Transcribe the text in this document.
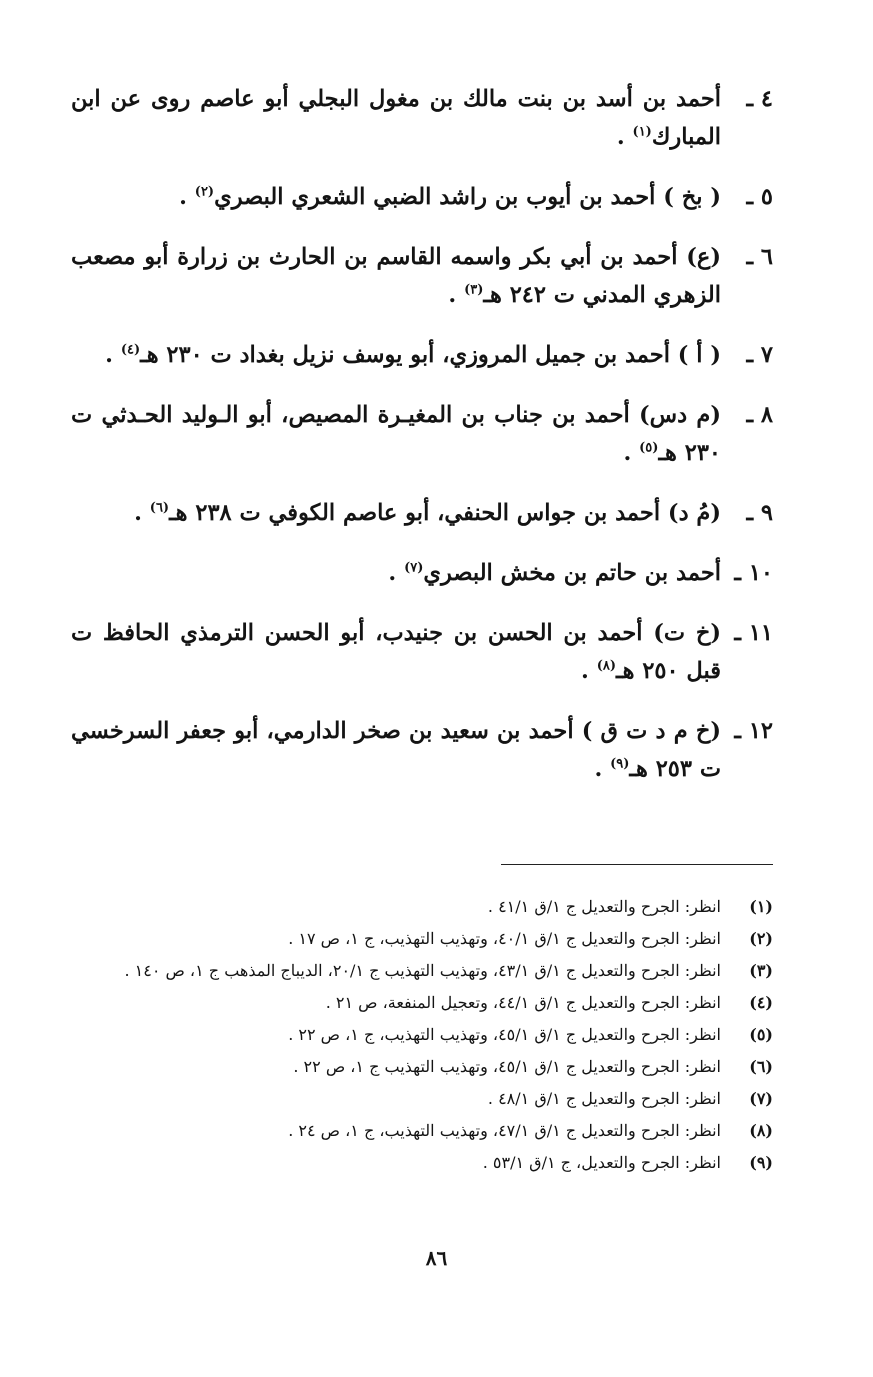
٤ ـأحمد بن أسد بن بنت مالك بن مغول البجلي أبو عاصم روى عن ابن المبارك$^{(١)}$ .

٥ ـ( بخ ) أحمد بن أيوب بن راشد الضبي الشعري البصري$^{(٢)}$ .

٦ ـ(ع) أحمد بن أبي بكر واسمه القاسم بن الحارث بن زرارة أبو مصعب الزهري المدني ت ٢٤٢ هـ$^{(٣)}$ .

٧ ـ( أ ) أحمد بن جميل المروزي، أبو يوسف نزيل بغداد ت ٢٣٠ هـ$^{(٤)}$ .

٨ ـ(م دس) أحمد بن جناب بن المغيـرة المصيص، أبو الـوليد الحـدثي ت ٢٣٠ هـ$^{(٥)}$ .

٩ ـ(مُ د) أحمد بن جواس الحنفي، أبو عاصم الكوفي ت ٢٣٨ هـ$^{(٦)}$ .

١٠ ـأحمد بن حاتم بن مخش البصري$^{(٧)}$ .

١١ ـ(خ ت) أحمد بن الحسن بن جنيدب، أبو الحسن الترمذي الحافظ ت قبل ٢٥٠ هـ$^{(٨)}$ .

١٢ ـ(خ م د ت ق ) أحمد بن سعيد بن صخر الدارمي، أبو جعفر السرخسي ت ٢٥٣ هـ$^{(٩)}$ .

(١)انظر: الجرح والتعديل ج ١/ق ٤١/١ .

(٢)انظر: الجرح والتعديل ج ١/ق ٤٠/١، وتهذيب التهذيب، ج ١، ص ١٧ .

(٣)انظر: الجرح والتعديل ج ١/ق ٤٣/١، وتهذيب التهذيب ج ٢٠/١، الديباج المذهب ج ١، ص ١٤٠ .

(٤)انظر: الجرح والتعديل ج ١/ق ٤٤/١، وتعجيل المنفعة، ص ٢١ .

(٥)انظر: الجرح والتعديل ج ١/ق ٤٥/١، وتهذيب التهذيب، ج ١، ص ٢٢ .

(٦)انظر: الجرح والتعديل ج ١/ق ٤٥/١، وتهذيب التهذيب ج ١، ص ٢٢ .

(٧)انظر: الجرح والتعديل ج ١/ق ٤٨/١ .

(٨)انظر: الجرح والتعديل ج ١/ق ٤٧/١، وتهذيب التهذيب، ج ١، ص ٢٤ .

(٩)انظر: الجرح والتعديل، ج ١/ق ٥٣/١ .

٨٦
